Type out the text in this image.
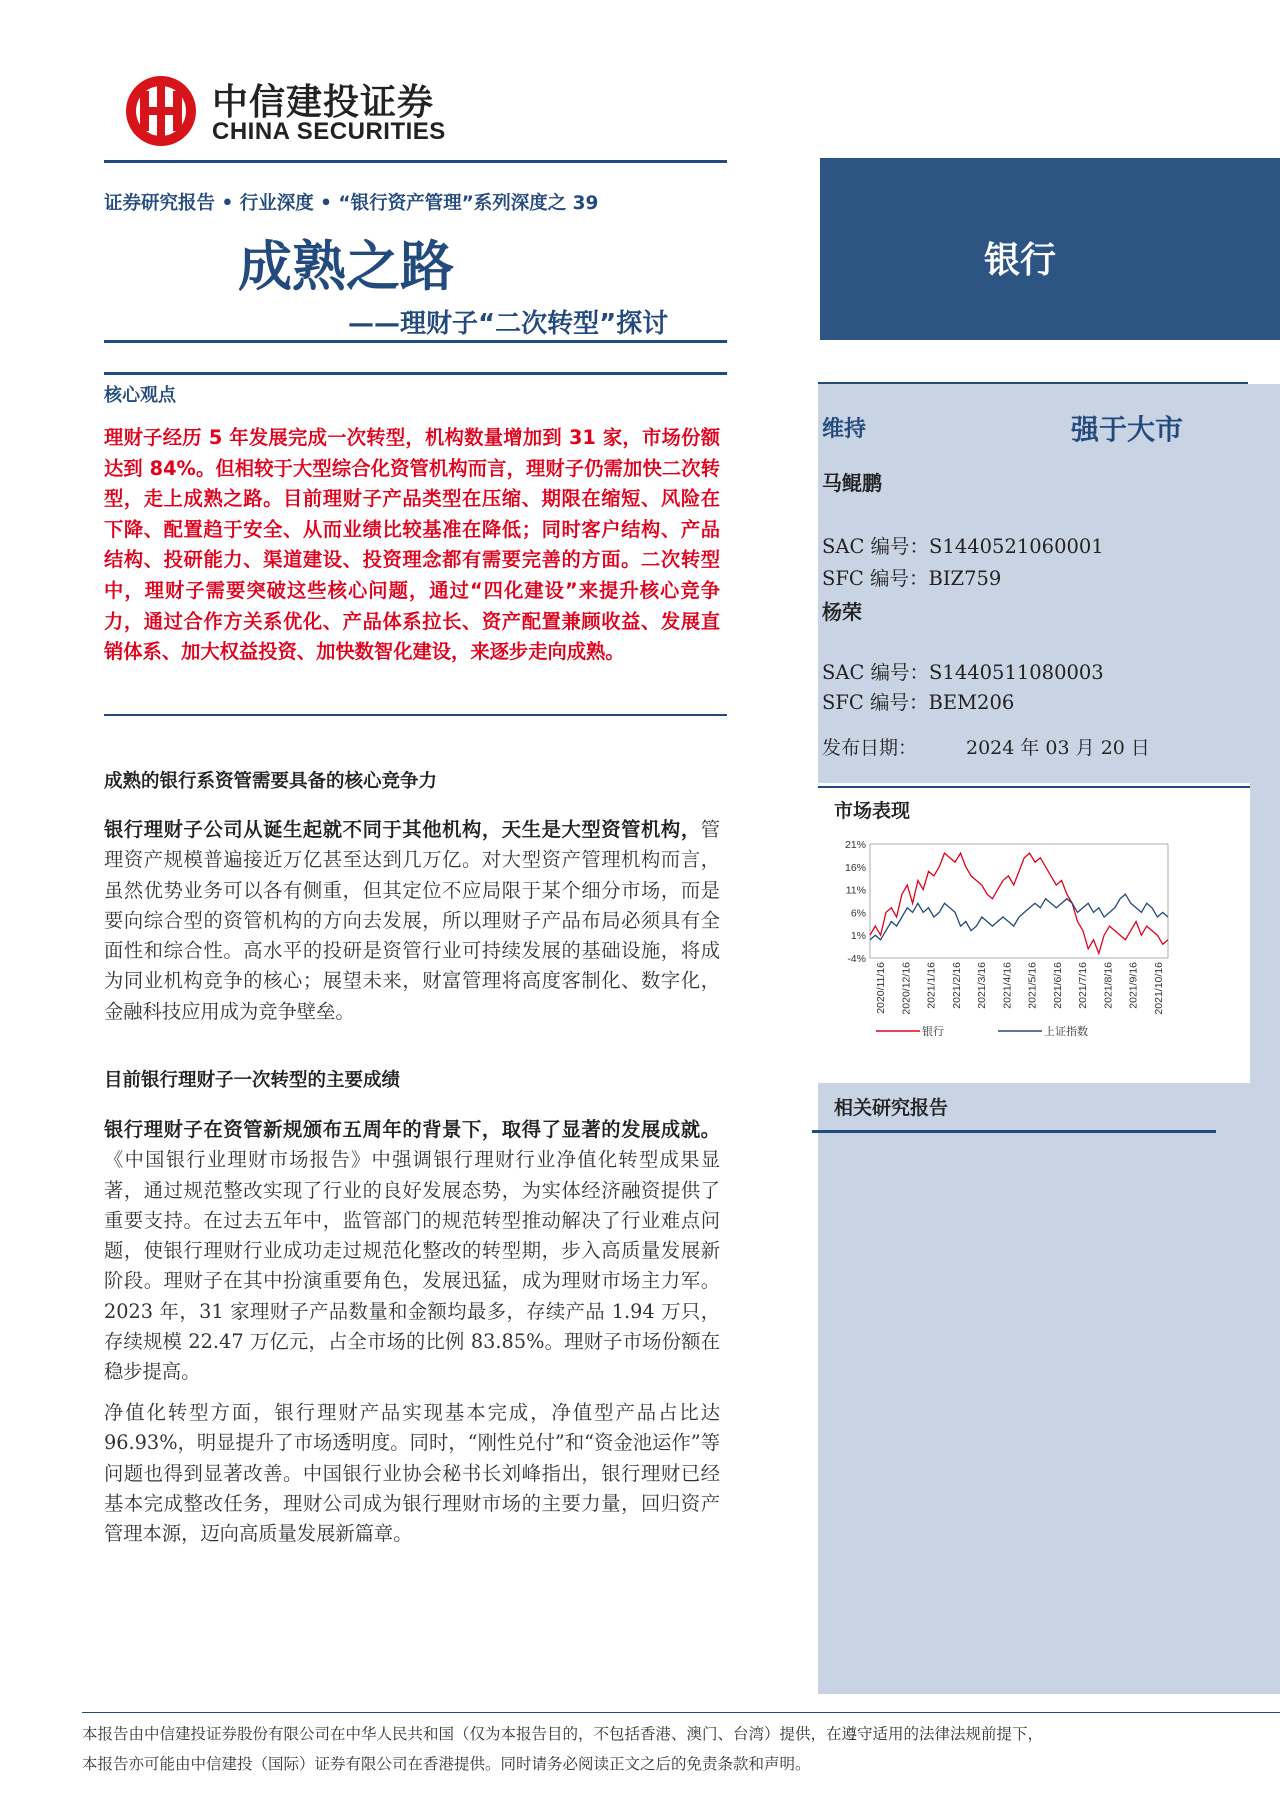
中信建投证券
CHINA SECURITIES
证券研究报告 • 行业深度 • “银行资产管理”系列深度之 39
成熟之路
——理财子“二次转型”探讨
核心观点
理财子经历 5 年发展完成一次转型，机构数量增加到 31 家，市场份额达到 84%。但相较于大型综合化资管机构而言，理财子仍需加快二次转型，走上成熟之路。目前理财子产品类型在压缩、期限在缩短、风险在下降、配置趋于安全、从而业绩比较基准在降低；同时客户结构、产品结构、投研能力、渠道建设、投资理念都有需要完善的方面。二次转型中，理财子需要突破这些核心问题，通过“四化建设”来提升核心竞争力，通过合作方关系优化、产品体系拉长、资产配置兼顾收益、发展直销体系、加大权益投资、加快数智化建设，来逐步走向成熟。
成熟的银行系资管需要具备的核心竞争力
银行理财子公司从诞生起就不同于其他机构，天生是大型资管机构，管理资产规模普遍接近万亿甚至达到几万亿。对大型资产管理机构而言，虽然优势业务可以各有侧重，但其定位不应局限于某个细分市场，而是要向综合型的资管机构的方向去发展，所以理财子产品布局必须具有全面性和综合性。高水平的投研是资管行业可持续发展的基础设施，将成为同业机构竞争的核心；展望未来，财富管理将高度客制化、数字化，金融科技应用成为竞争壁垒。
目前银行理财子一次转型的主要成绩
银行理财子在资管新规颁布五周年的背景下，取得了显著的发展成就。《中国银行业理财市场报告》中强调银行理财行业净值化转型成果显著，通过规范整改实现了行业的良好发展态势，为实体经济融资提供了重要支持。在过去五年中，监管部门的规范转型推动解决了行业难点问题，使银行理财行业成功走过规范化整改的转型期，步入高质量发展新阶段。理财子在其中扮演重要角色，发展迅猛，成为理财市场主力军。2023 年，31 家理财子产品数量和金额均最多，存续产品 1.94 万只，存续规模 22.47 万亿元，占全市场的比例 83.85%。理财子市场份额在稳步提高。
净值化转型方面，银行理财产品实现基本完成，净值型产品占比达 96.93%，明显提升了市场透明度。同时，“刚性兑付”和“资金池运作”等问题也得到显著改善。中国银行业协会秘书长刘峰指出，银行理财已经基本完成整改任务，理财公司成为银行理财市场的主要力量，回归资产管理本源，迈向高质量发展新篇章。
银行
维持	强于大市
马鲲鹏
SAC 编号：S1440521060001
SFC 编号：BIZ759
杨荣
SAC 编号：S1440511080003
SFC 编号：BEM206
发布日期：	2024 年 03 月 20 日
市场表现
21%
16%
11%
6%
1%
-4%
2020/11/16 2020/12/16 2021/1/16 2021/2/16 2021/3/16 2021/4/16 2021/5/16 2021/6/16 2021/7/16 2021/8/16 2021/9/16 2021/10/16
银行	上证指数
相关研究报告
本报告由中信建投证券股份有限公司在中华人民共和国（仅为本报告目的，不包括香港、澳门、台湾）提供，在遵守适用的法律法规前提下，
本报告亦可能由中信建投（国际）证券有限公司在香港提供。同时请务必阅读正文之后的免责条款和声明。
